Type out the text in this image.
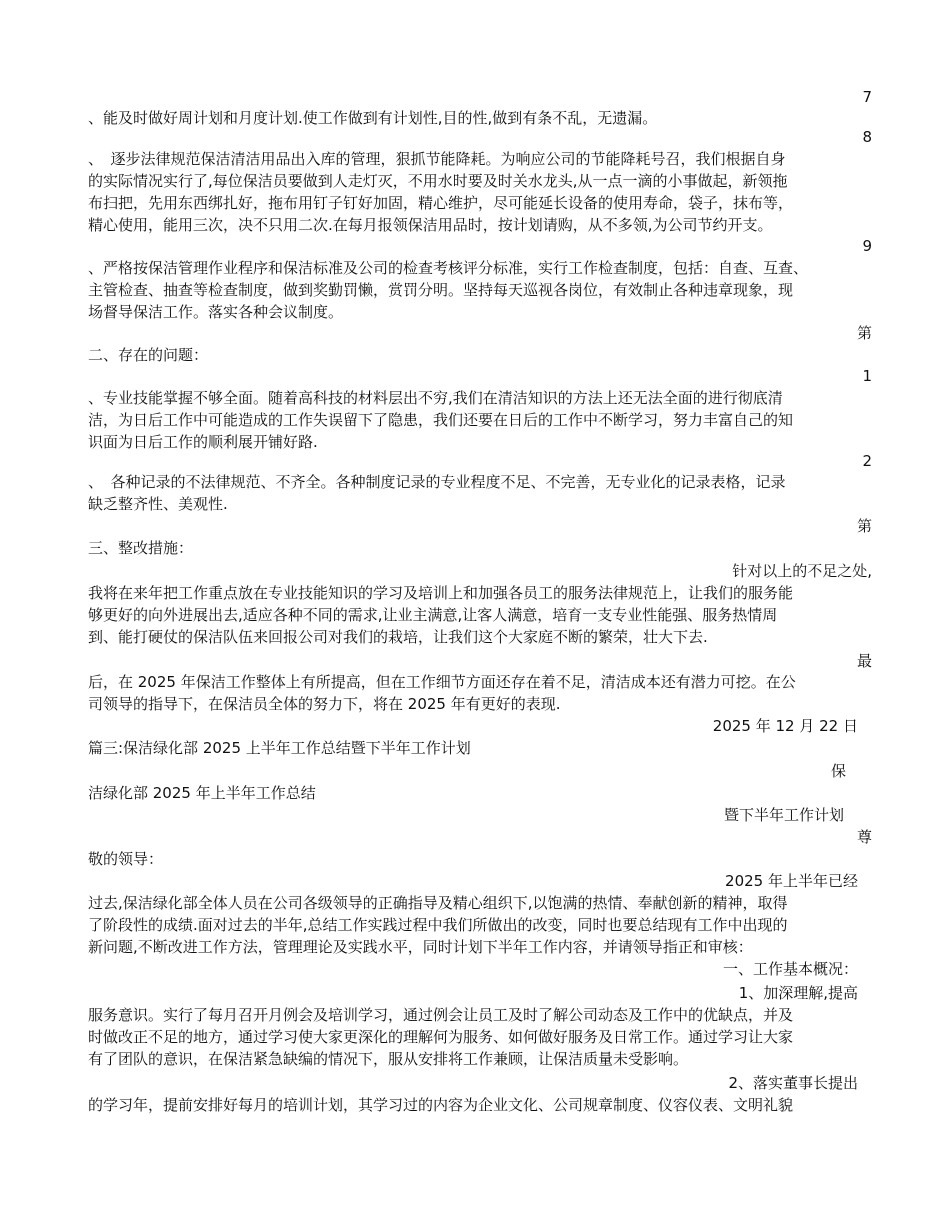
7
、能及时做好周计划和月度计划.使工作做到有计划性,目的性,做到有条不乱，无遗漏。
8
、　逐步法律规范保洁清洁用品出入库的管理，狠抓节能降耗。为响应公司的节能降耗号召，我们根据自身
的实际情况实行了,每位保洁员要做到人走灯灭，不用水时要及时关水龙头,从一点一滴的小事做起，新领拖
布扫把，先用东西绑扎好，拖布用钉子钉好加固，精心维护，尽可能延长设备的使用寿命，袋子，抹布等，
精心使用，能用三次，决不只用二次.在每月报领保洁用品时，按计划请购，从不多领,为公司节约开支。
9
、严格按保洁管理作业程序和保洁标准及公司的检查考核评分标准，实行工作检查制度，包括：自查、互查、
主管检查、抽查等检查制度，做到奖勤罚懒，赏罚分明。坚持每天巡视各岗位，有效制止各种违章现象，现
场督导保洁工作。落实各种会议制度。
第
二、存在的问题：
1
、专业技能掌握不够全面。随着高科技的材料层出不穷,我们在清洁知识的方法上还无法全面的进行彻底清
洁，为日后工作中可能造成的工作失误留下了隐患，我们还要在日后的工作中不断学习，努力丰富自己的知
识面为日后工作的顺利展开铺好路.
2
、　各种记录的不法律规范、不齐全。各种制度记录的专业程度不足、不完善，无专业化的记录表格，记录
缺乏整齐性、美观性.
第
三、整改措施：
针对以上的不足之处,
我将在来年把工作重点放在专业技能知识的学习及培训上和加强各员工的服务法律规范上，让我们的服务能
够更好的向外进展出去,适应各种不同的需求,让业主满意,让客人满意，培育一支专业性能强、服务热情周
到、能打硬仗的保洁队伍来回报公司对我们的栽培，让我们这个大家庭不断的繁荣，壮大下去.
最
后，在 2025 年保洁工作整体上有所提高，但在工作细节方面还存在着不足，清洁成本还有潜力可挖。在公
司领导的指导下，在保洁员全体的努力下，将在 2025 年有更好的表现.
2025 年 12 月 22 日
篇三:保洁绿化部 2025 上半年工作总结暨下半年工作计划
保
洁绿化部 2025 年上半年工作总结
暨下半年工作计划
尊
敬的领导：
2025 年上半年已经
过去,保洁绿化部全体人员在公司各级领导的正确指导及精心组织下,以饱满的热情、奉献创新的精神，取得
了阶段性的成绩.面对过去的半年,总结工作实践过程中我们所做出的改变，同时也要总结现有工作中出现的
新问题,不断改进工作方法，管理理论及实践水平，同时计划下半年工作内容，并请领导指正和审核：
一、工作基本概况：
1、加深理解,提高
服务意识。实行了每月召开月例会及培训学习，通过例会让员工及时了解公司动态及工作中的优缺点，并及
时做改正不足的地方，通过学习使大家更深化的理解何为服务、如何做好服务及日常工作。通过学习让大家
有了团队的意识，在保洁紧急缺编的情况下，服从安排将工作兼顾，让保洁质量未受影响。
2、落实董事长提出
的学习年，提前安排好每月的培训计划，其学习过的内容为企业文化、公司规章制度、仪容仪表、文明礼貌
